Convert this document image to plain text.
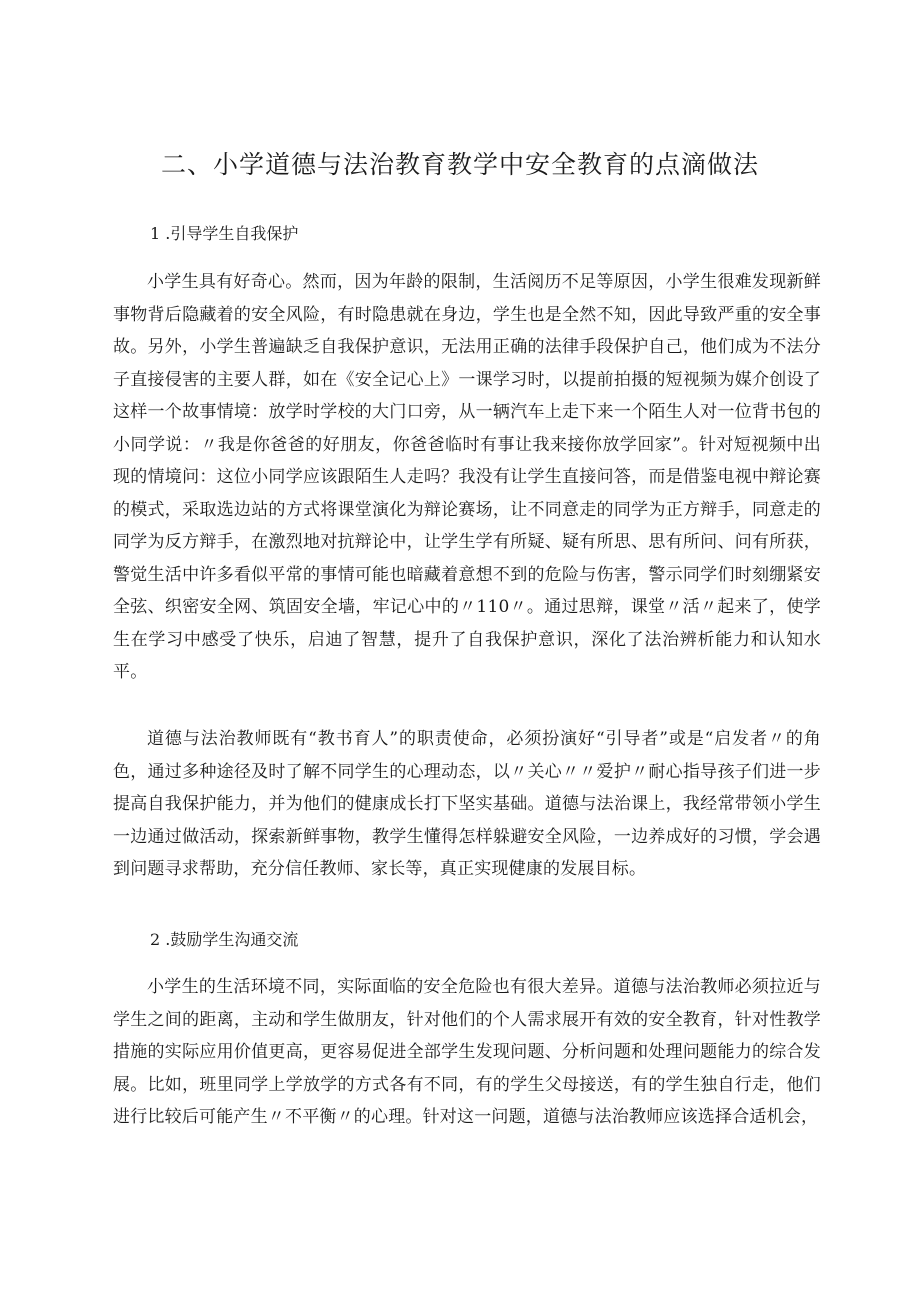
二、小学道德与法治教育教学中安全教育的点滴做法
1 .引导学生自我保护

小学生具有好奇心。然而，因为年龄的限制，生活阅历不足等原因，小学生很难发现新鲜事物背后隐藏着的安全风险，有时隐患就在身边，学生也是全然不知，因此导致严重的安全事故。另外，小学生普遍缺乏自我保护意识，无法用正确的法律手段保护自己，他们成为不法分子直接侵害的主要人群，如在《安全记心上》一课学习时，以提前拍摄的短视频为媒介创设了这样一个故事情境：放学时学校的大门口旁，从一辆汽车上走下来一个陌生人对一位背书包的小同学说：〃我是你爸爸的好朋友，你爸爸临时有事让我来接你放学回家”。针对短视频中出现的情境问：这位小同学应该跟陌生人走吗？我没有让学生直接问答，而是借鉴电视中辩论赛的模式，采取选边站的方式将课堂演化为辩论赛场，让不同意走的同学为正方辩手，同意走的同学为反方辩手，在激烈地对抗辩论中，让学生学有所疑、疑有所思、思有所问、问有所获，警觉生活中许多看似平常的事情可能也暗藏着意想不到的危险与伤害，警示同学们时刻绷紧安全弦、织密安全网、筑固安全墙，牢记心中的〃110〃。通过思辩，课堂〃活〃起来了，使学生在学习中感受了快乐，启迪了智慧，提升了自我保护意识，深化了法治辨析能力和认知水平。

道德与法治教师既有“教书育人”的职责使命，必须扮演好“引导者”或是“启发者〃的角色，通过多种途径及时了解不同学生的心理动态，以〃关心〃〃爱护〃耐心指导孩子们进一步提高自我保护能力，并为他们的健康成长打下坚实基础。道德与法治课上，我经常带领小学生一边通过做活动，探索新鲜事物，教学生懂得怎样躲避安全风险，一边养成好的习惯，学会遇到问题寻求帮助，充分信任教师、家长等，真正实现健康的发展目标。

2 .鼓励学生沟通交流

小学生的生活环境不同，实际面临的安全危险也有很大差异。道德与法治教师必须拉近与学生之间的距离，主动和学生做朋友，针对他们的个人需求展开有效的安全教育，针对性教学措施的实际应用价值更高，更容易促进全部学生发现问题、分析问题和处理问题能力的综合发展。比如，班里同学上学放学的方式各有不同，有的学生父母接送，有的学生独自行走，他们进行比较后可能产生〃不平衡〃的心理。针对这一问题，道德与法治教师应该选择合适机会，
